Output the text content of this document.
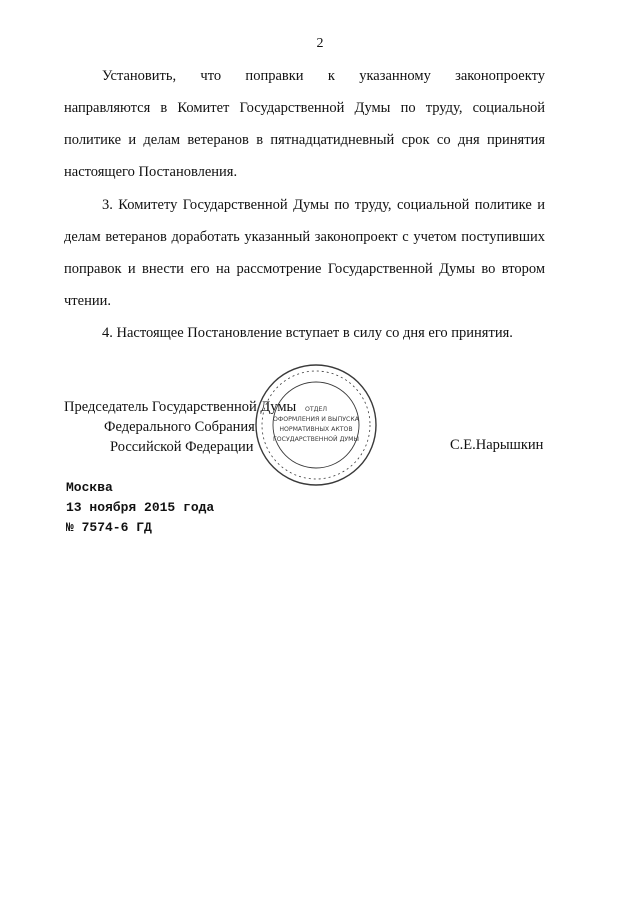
2
Установить, что поправки к указанному законопроекту
направляются в Комитет Государственной Думы по труду, социальной политике и делам ветеранов в пятнадцатидневный срок со дня принятия настоящего Постановления.
3. Комитету Государственной Думы по труду, социальной политике и делам ветеранов доработать указанный законопроект с учетом поступивших поправок и внести его на рассмотрение Государственной Думы во втором чтении.
4. Настоящее Постановление вступает в силу со дня его принятия.
Председатель Государственной Думы
Федерального Собрания
Российской Федерации
ОТДЕЛ
ОФОРМЛЕНИЯ И ВЫПУСКА
НОРМАТИВНЫХ АКТОВ
ГОСУДАРСТВЕННОЙ ДУМЫ	С.Е.Нарышкин
Москва
13 ноября 2015 года
№ 7574-6 ГД
